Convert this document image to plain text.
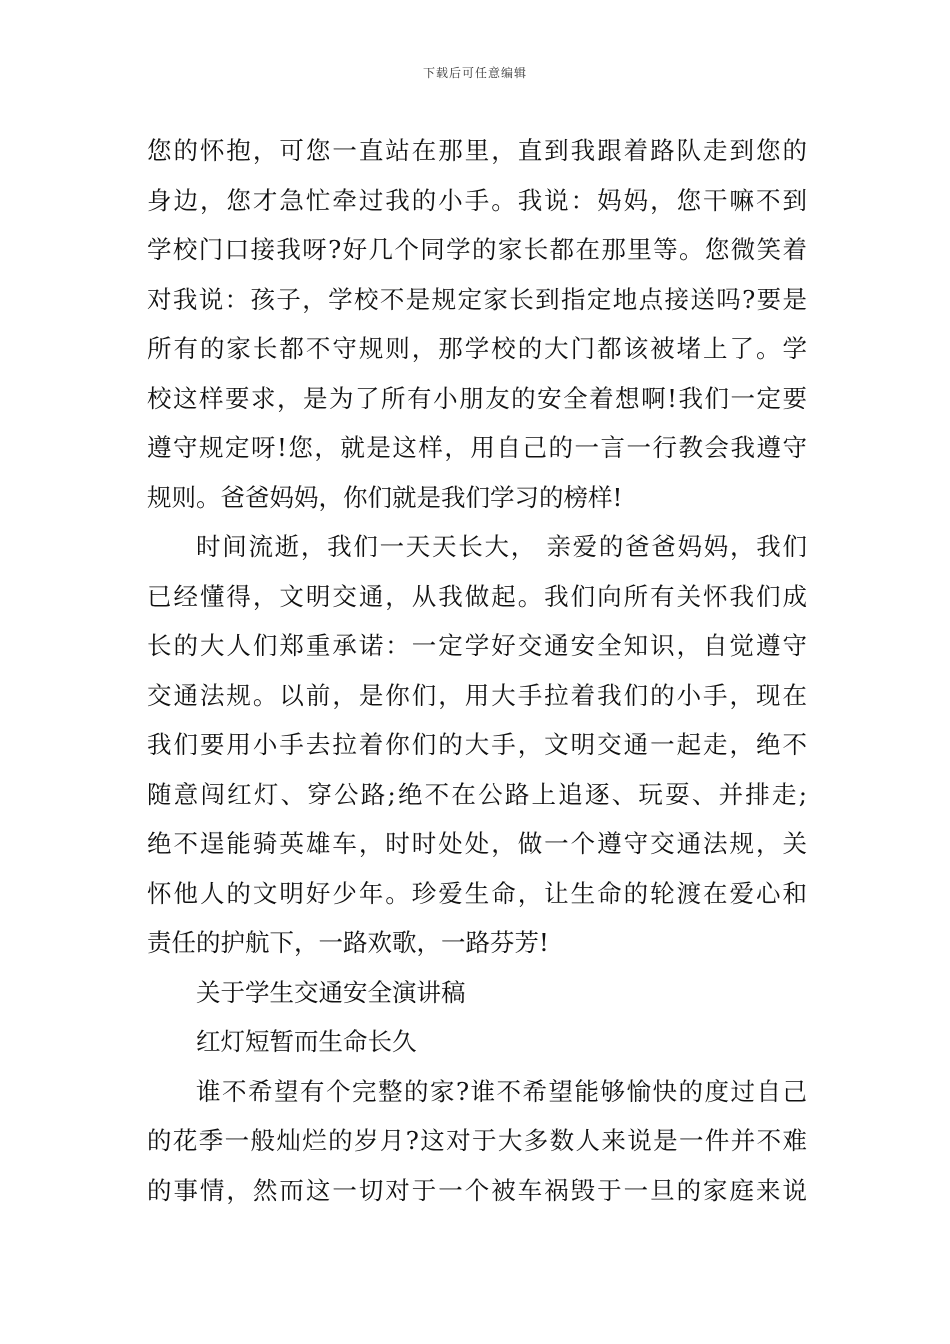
下载后可任意编辑
您的怀抱，可您一直站在那里，直到我跟着路队走到您的
身边，您才急忙牵过我的小手。我说：妈妈，您干嘛不到
学校门口接我呀?好几个同学的家长都在那里等。您微笑着
对我说：孩子，学校不是规定家长到指定地点接送吗?要是
所有的家长都不守规则，那学校的大门都该被堵上了。学
校这样要求，是为了所有小朋友的安全着想啊!我们一定要
遵守规定呀!您，就是这样，用自己的一言一行教会我遵守
规则。爸爸妈妈，你们就是我们学习的榜样!
时间流逝，我们一天天长大， 亲爱的爸爸妈妈，我们
已经懂得，文明交通，从我做起。我们向所有关怀我们成
长的大人们郑重承诺：一定学好交通安全知识，自觉遵守
交通法规。以前，是你们，用大手拉着我们的小手，现在
我们要用小手去拉着你们的大手，文明交通一起走，绝不
随意闯红灯、穿公路;绝不在公路上追逐、玩耍、并排走;
绝不逞能骑英雄车，时时处处，做一个遵守交通法规，关
怀他人的文明好少年。珍爱生命，让生命的轮渡在爱心和
责任的护航下，一路欢歌，一路芬芳!
关于学生交通安全演讲稿
红灯短暂而生命长久
谁不希望有个完整的家?谁不希望能够愉快的度过自己
的花季一般灿烂的岁月?这对于大多数人来说是一件并不难
的事情，然而这一切对于一个被车祸毁于一旦的家庭来说
